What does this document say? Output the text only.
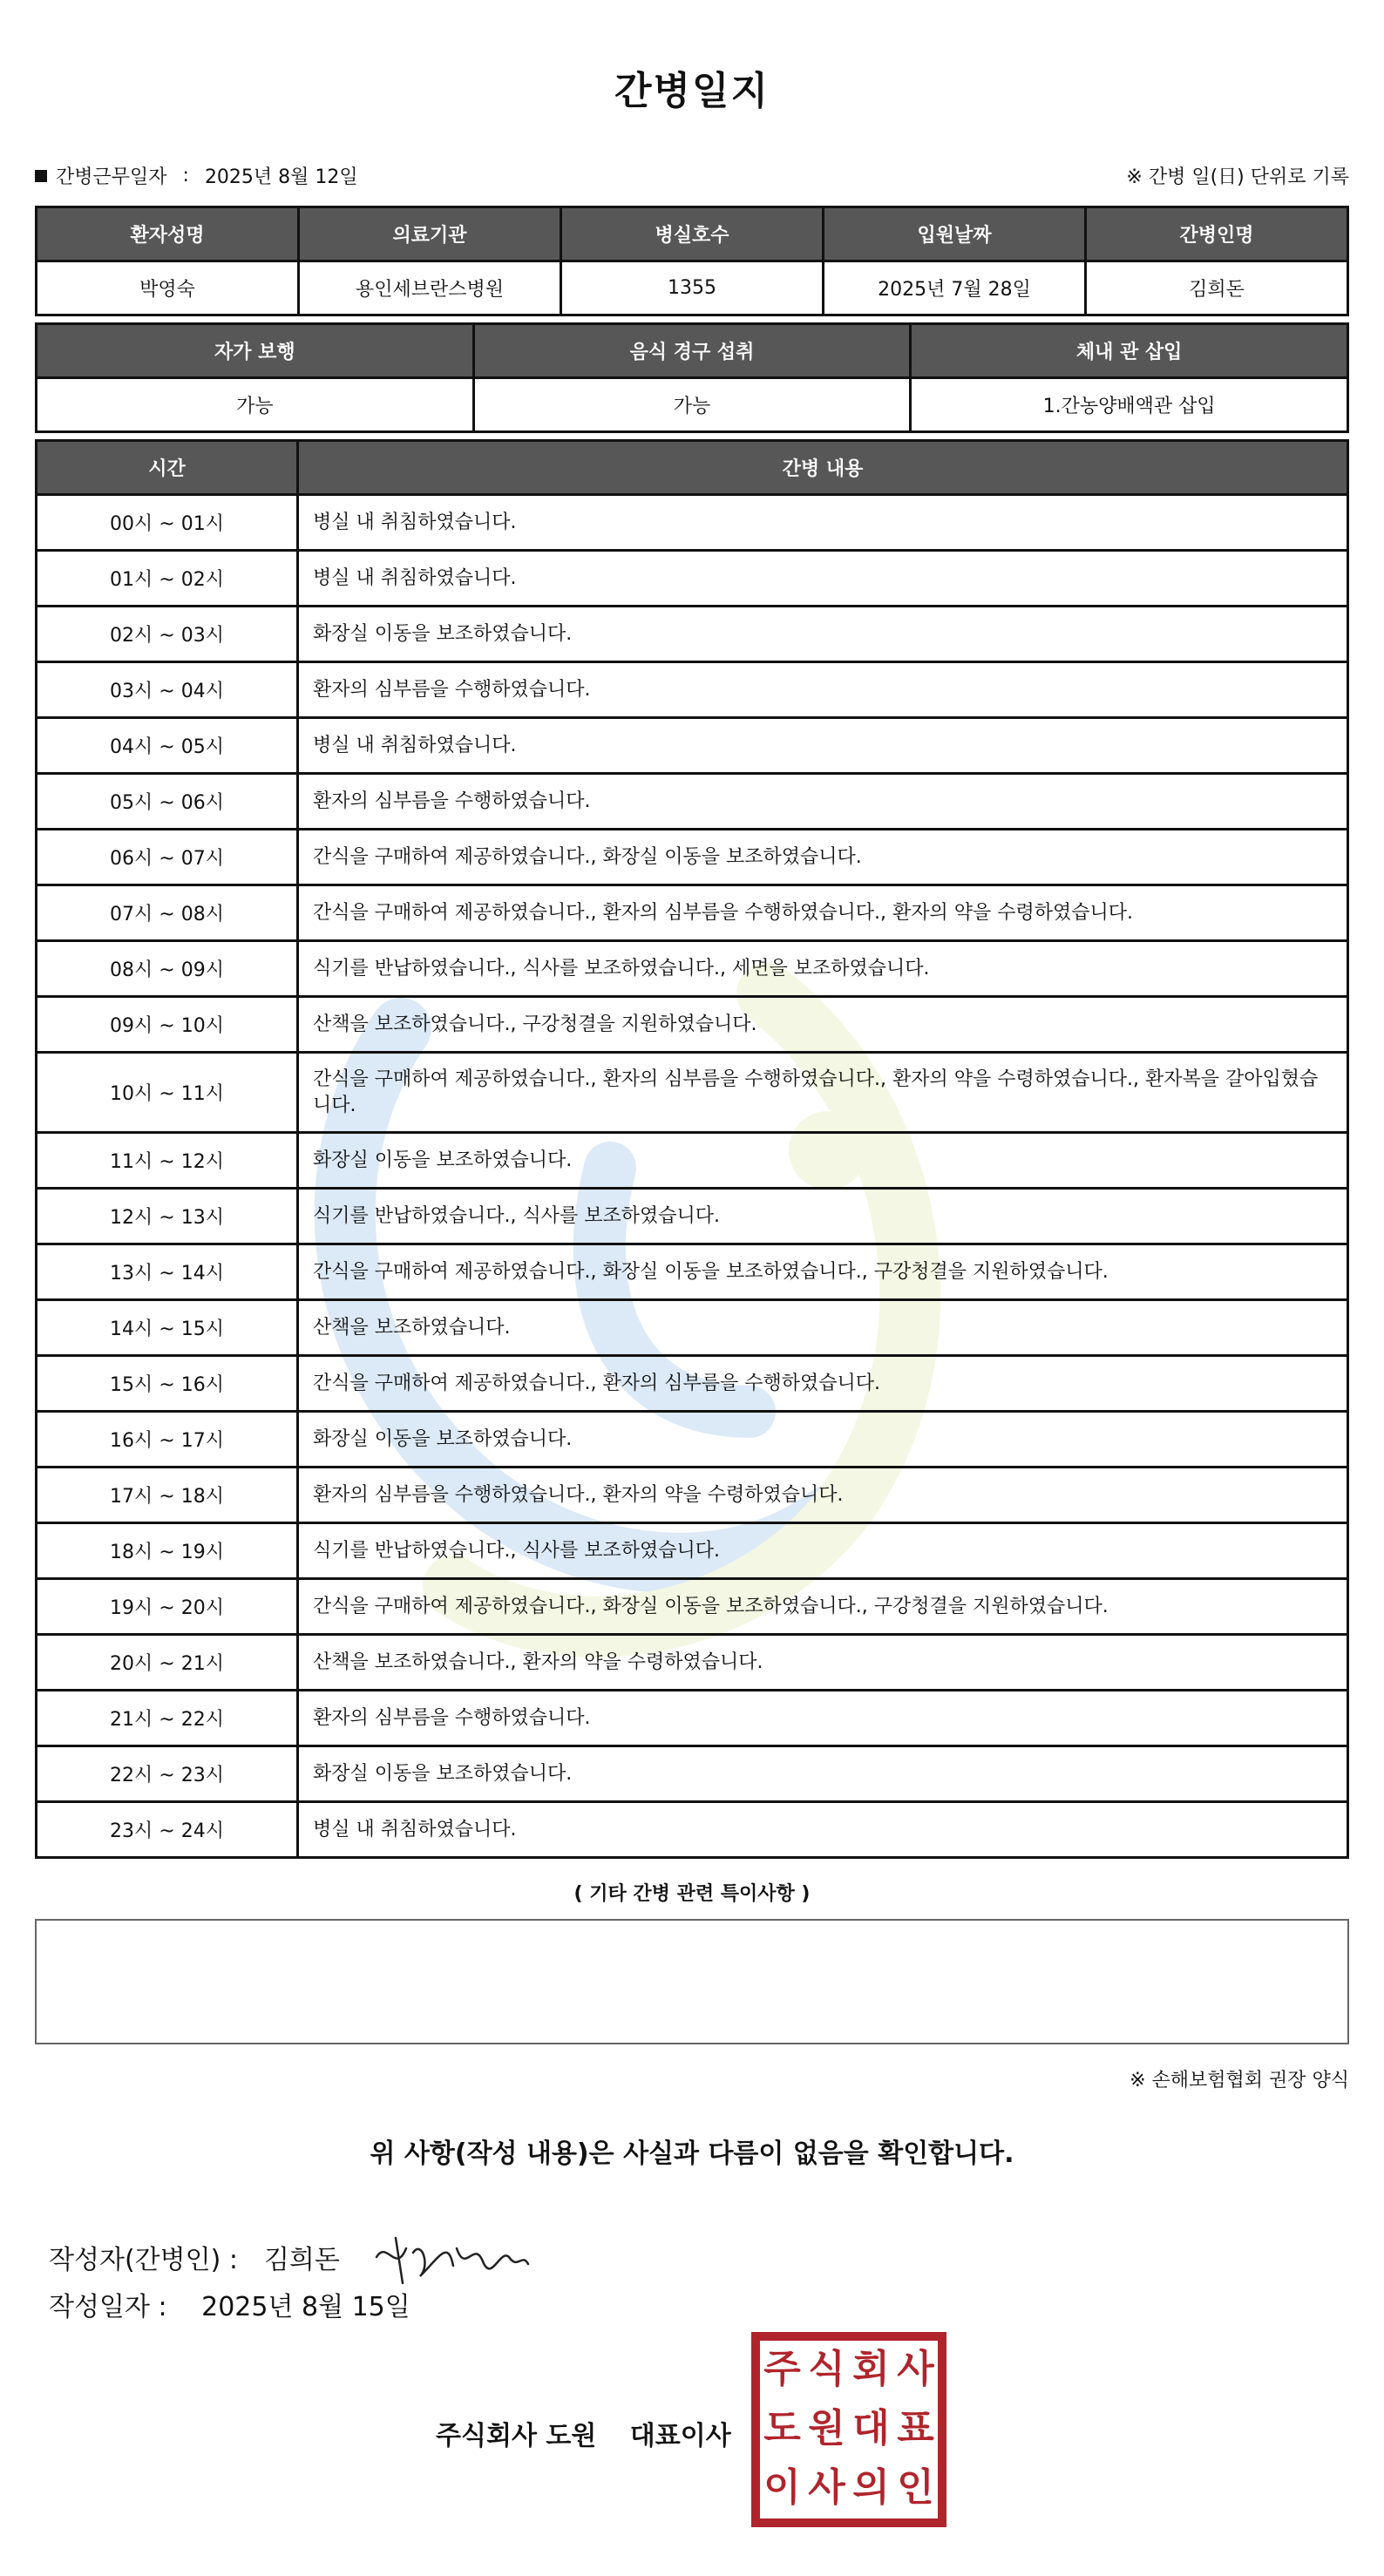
간병일지
간병근무일자 : 2025년 8월 12일	※ 간병 일(日) 단위로 기록
환자성명	의료기관	병실호수	입원날짜	간병인명
박영숙	용인세브란스병원	1355	2025년 7월 28일	김희돈
자가 보행	음식 경구 섭취	체내 관 삽입
가능	가능	1.간농양배액관 삽입
시간	간병 내용
00시 ~ 01시	병실 내 취침하였습니다.
01시 ~ 02시	병실 내 취침하였습니다.
02시 ~ 03시	화장실 이동을 보조하였습니다.
03시 ~ 04시	환자의 심부름을 수행하였습니다.
04시 ~ 05시	병실 내 취침하였습니다.
05시 ~ 06시	환자의 심부름을 수행하였습니다.
06시 ~ 07시	간식을 구매하여 제공하였습니다., 화장실 이동을 보조하였습니다.
07시 ~ 08시	간식을 구매하여 제공하였습니다., 환자의 심부름을 수행하였습니다., 환자의 약을 수령하였습니다.
08시 ~ 09시	식기를 반납하였습니다., 식사를 보조하였습니다., 세면을 보조하였습니다.
09시 ~ 10시	산책을 보조하였습니다., 구강청결을 지원하였습니다.
10시 ~ 11시	간식을 구매하여 제공하였습니다., 환자의 심부름을 수행하였습니다., 환자의 약을 수령하였습니다., 환자복을 갈아입혔습니다.
11시 ~ 12시	화장실 이동을 보조하였습니다.
12시 ~ 13시	식기를 반납하였습니다., 식사를 보조하였습니다.
13시 ~ 14시	간식을 구매하여 제공하였습니다., 화장실 이동을 보조하였습니다., 구강청결을 지원하였습니다.
14시 ~ 15시	산책을 보조하였습니다.
15시 ~ 16시	간식을 구매하여 제공하였습니다., 환자의 심부름을 수행하였습니다.
16시 ~ 17시	화장실 이동을 보조하였습니다.
17시 ~ 18시	환자의 심부름을 수행하였습니다., 환자의 약을 수령하였습니다.
18시 ~ 19시	식기를 반납하였습니다., 식사를 보조하였습니다.
19시 ~ 20시	간식을 구매하여 제공하였습니다., 화장실 이동을 보조하였습니다., 구강청결을 지원하였습니다.
20시 ~ 21시	산책을 보조하였습니다., 환자의 약을 수령하였습니다.
21시 ~ 22시	환자의 심부름을 수행하였습니다.
22시 ~ 23시	화장실 이동을 보조하였습니다.
23시 ~ 24시	병실 내 취침하였습니다.
( 기타 간병 관련 특이사항 )
※ 손해보험협회 권장 양식
위 사항(작성 내용)은 사실과 다름이 없음을 확인합니다.
작성자(간병인) : 김희돈
작성일자 : 2025년 8월 15일
주식회사 도원 대표이사
주 식 회 사
도 원 대 표
이 사 의 인
